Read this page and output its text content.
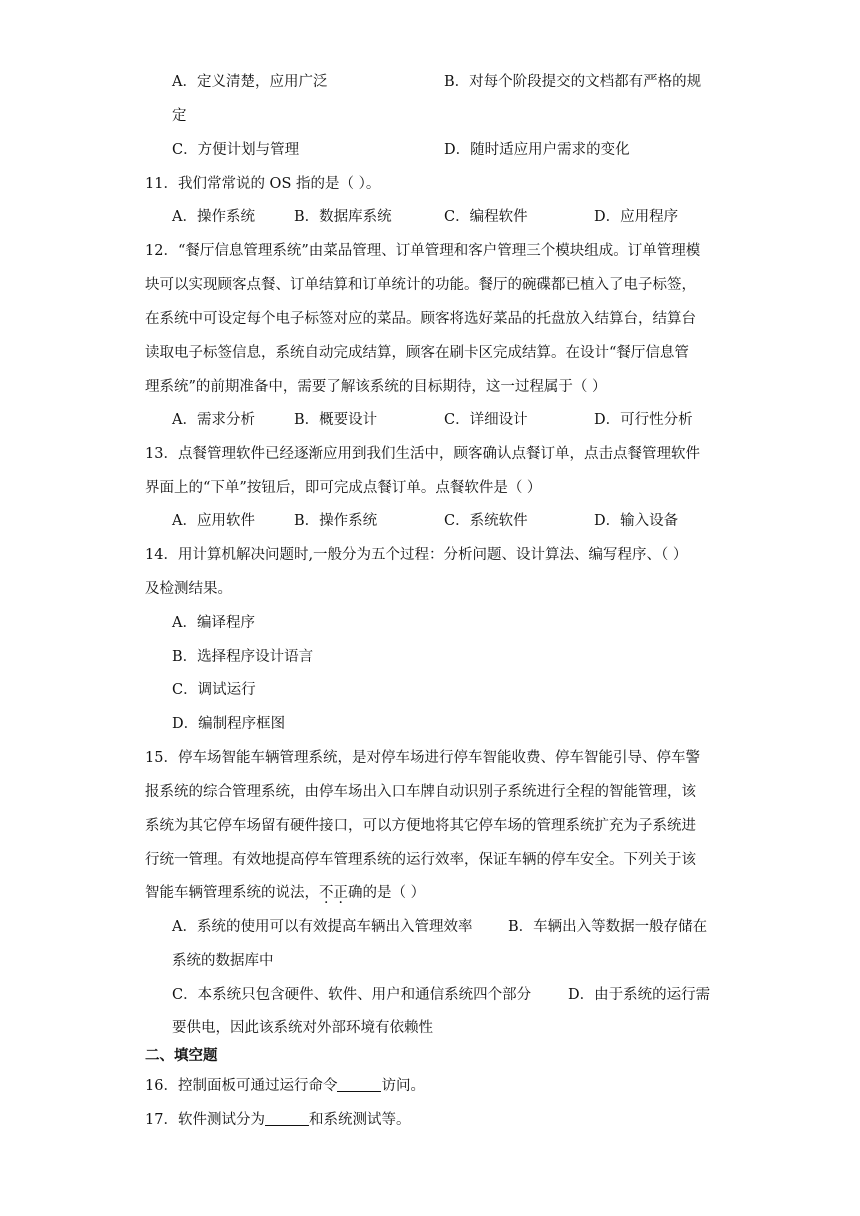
A．定义清楚，应用广泛	B．对每个阶段提交的文档都有严格的规
定
C．方便计划与管理	D．随时适应用户需求的变化
11．我们常常说的 OS 指的是（ ）。
A．操作系统	B．数据库系统	C．编程软件	D．应用程序
12．“餐厅信息管理系统”由菜品管理、订单管理和客户管理三个模块组成。订单管理模
块可以实现顾客点餐、订单结算和订单统计的功能。餐厅的碗碟都已植入了电子标签，
在系统中可设定每个电子标签对应的菜品。顾客将选好菜品的托盘放入结算台，结算台
读取电子标签信息，系统自动完成结算，顾客在刷卡区完成结算。在设计“餐厅信息管
理系统”的前期准备中，需要了解该系统的目标期待，这一过程属于（ ）
A．需求分析	B．概要设计	C．详细设计	D．可行性分析
13．点餐管理软件已经逐渐应用到我们生活中，顾客确认点餐订单，点击点餐管理软件
界面上的“下单”按钮后，即可完成点餐订单。点餐软件是（ ）
A．应用软件	B．操作系统	C．系统软件	D．输入设备
14．用计算机解决问题时,一般分为五个过程：分析问题、设计算法、编写程序、（ ）
及检测结果。
A．编译程序
B．选择程序设计语言
C．调试运行
D．编制程序框图
15．停车场智能车辆管理系统，是对停车场进行停车智能收费、停车智能引导、停车警
报系统的综合管理系统，由停车场出入口车牌自动识别子系统进行全程的智能管理，该
系统为其它停车场留有硬件接口，可以方便地将其它停车场的管理系统扩充为子系统进
行统一管理。有效地提高停车管理系统的运行效率，保证车辆的停车安全。下列关于该
智能车辆管理系统的说法，不正确的是（ ）
A．系统的使用可以有效提高车辆出入管理效率 B．车辆出入等数据一般存储在
系统的数据库中
C．本系统只包含硬件、软件、用户和通信系统四个部分	D．由于系统的运行需
要供电，因此该系统对外部环境有依赖性
二、填空题
16．控制面板可通过运行命令	访问。
17．软件测试分为	和系统测试等。
